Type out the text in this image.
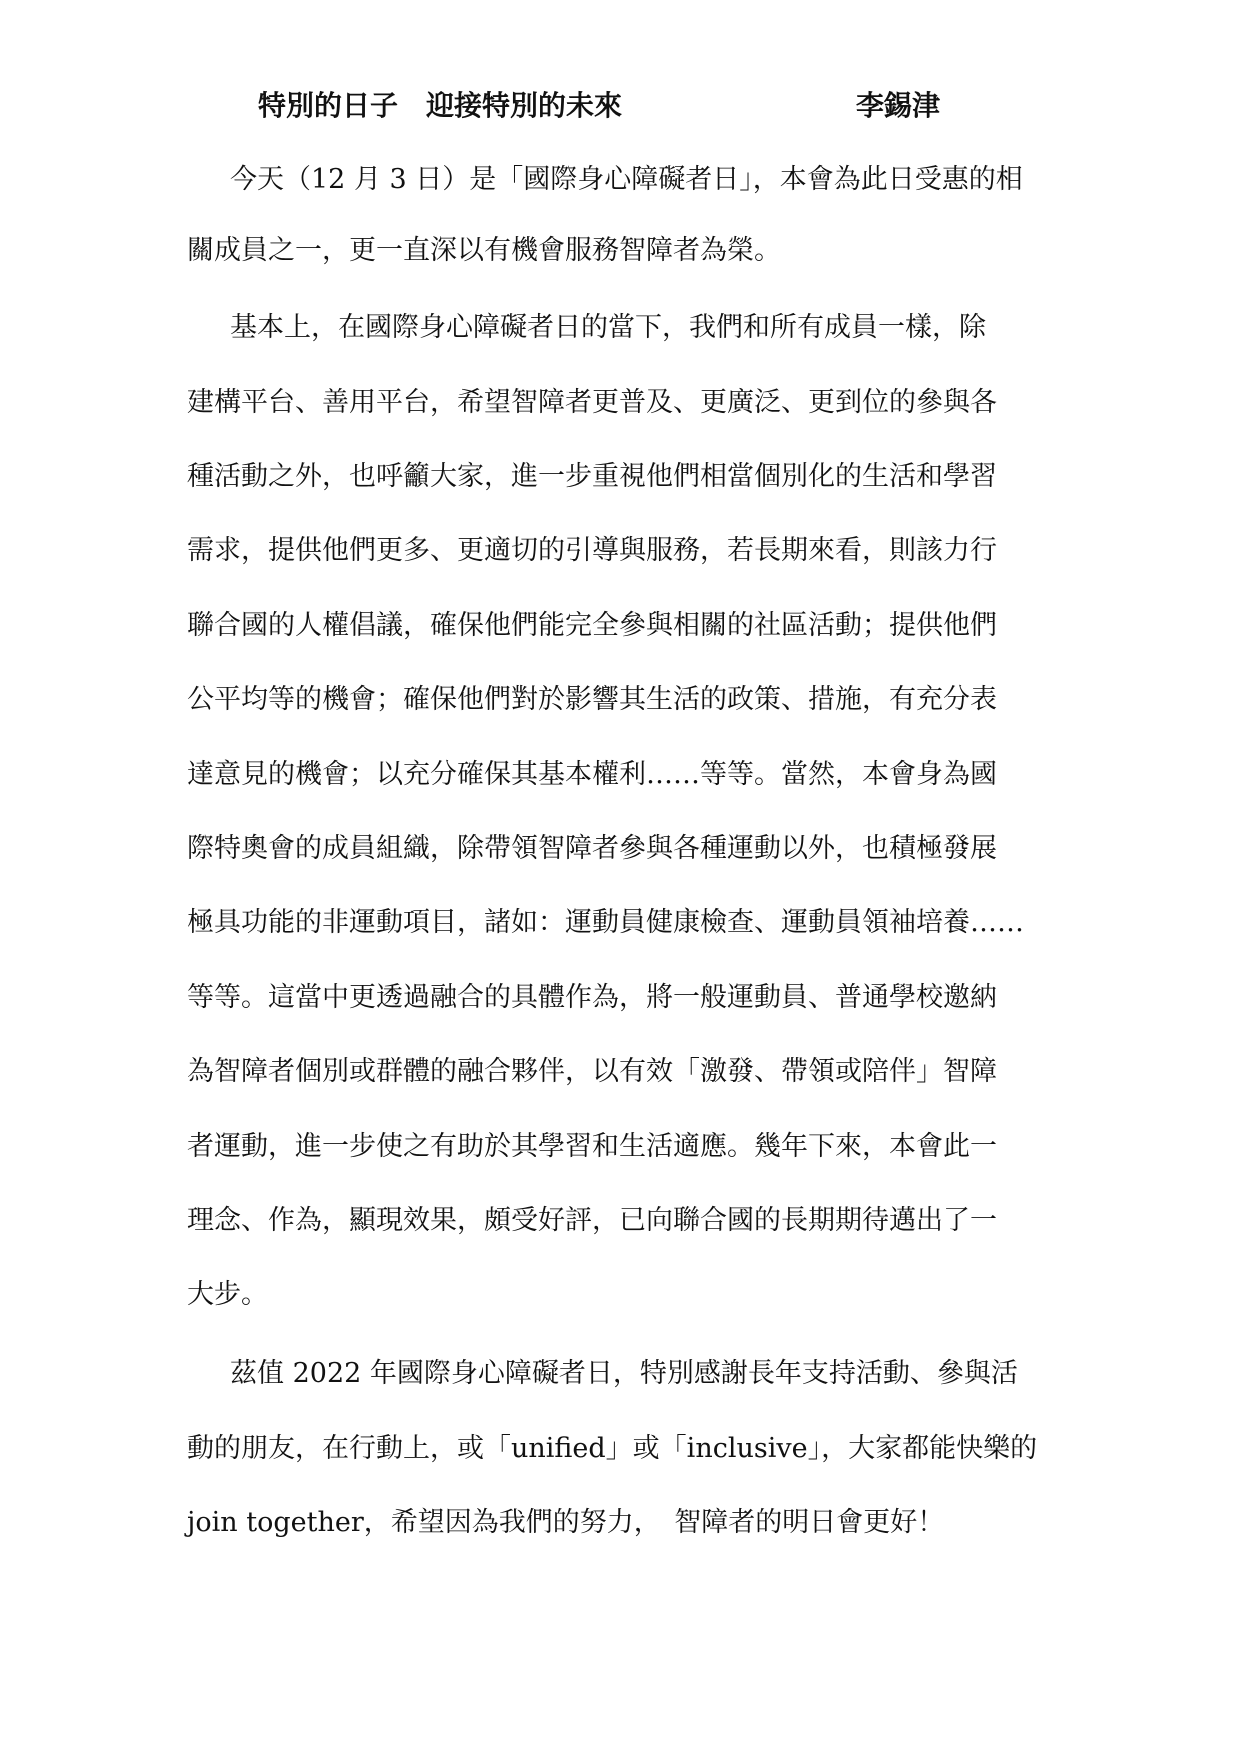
特別的日子　迎接特別的未來	李錫津
今天（12 月 3 日）是「國際身心障礙者日」，本會為此日受惠的相
關成員之一，更一直深以有機會服務智障者為榮。
基本上，在國際身心障礙者日的當下，我們和所有成員一樣，除
建構平台、善用平台，希望智障者更普及、更廣泛、更到位的參與各
種活動之外，也呼籲大家，進一步重視他們相當個別化的生活和學習
需求，提供他們更多、更適切的引導與服務，若長期來看，則該力行
聯合國的人權倡議，確保他們能完全參與相關的社區活動；提供他們
公平均等的機會；確保他們對於影響其生活的政策、措施，有充分表
達意見的機會；以充分確保其基本權利……等等。當然，本會身為國
際特奧會的成員組織，除帶領智障者參與各種運動以外，也積極發展
極具功能的非運動項目，諸如：運動員健康檢查、運動員領袖培養……
等等。這當中更透過融合的具體作為，將一般運動員、普通學校邀納
為智障者個別或群體的融合夥伴，以有效「激發、帶領或陪伴」智障
者運動，進一步使之有助於其學習和生活適應。幾年下來，本會此一
理念、作為，顯現效果，頗受好評，已向聯合國的長期期待邁出了一
大步。
茲值 2022 年國際身心障礙者日，特別感謝長年支持活動、參與活
動的朋友，在行動上，或「unified」或「inclusive」，大家都能快樂的
join together，希望因為我們的努力，　智障者的明日會更好！
